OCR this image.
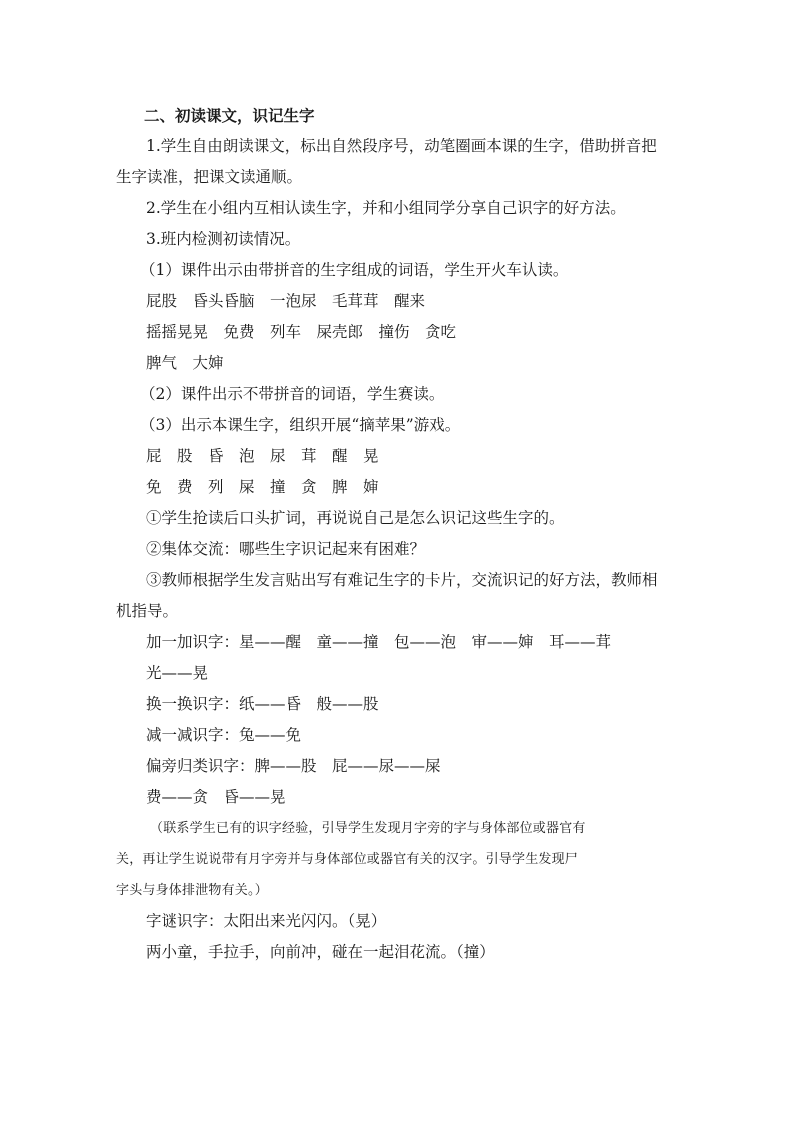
二、初读课文，识记生字

1.学生自由朗读课文，标出自然段序号，动笔圈画本课的生字，借助拼音把

生字读准，把课文读通顺。

2.学生在小组内互相认读生字，并和小组同学分享自己识字的好方法。

3.班内检测初读情况。

（1）课件出示由带拼音的生字组成的词语，学生开火车认读。

屁股　昏头昏脑　一泡尿　毛茸茸　醒来

摇摇晃晃　免费　列车　屎壳郎　撞伤　贪吃

脾气　大婶

（2）课件出示不带拼音的词语，学生赛读。

（3）出示本课生字，组织开展“摘苹果”游戏。

屁 股 昏 泡 尿 茸 醒 晃

免 费 列 屎 撞 贪 脾 婶

①学生抢读后口头扩词，再说说自己是怎么识记这些生字的。

②集体交流：哪些生字识记起来有困难？

③教师根据学生发言贴出写有难记生字的卡片，交流识记的好方法，教师相

机指导。

加一加识字：星——醒　童——撞　包——泡　审——婶　耳——茸

光——晃

换一换识字：纸——昏　般——股

减一减识字：兔——免

偏旁归类识字：脾——股　屁——尿——屎

费——贪　昏——晃

（联系学生已有的识字经验，引导学生发现月字旁的字与身体部位或器官有

关，再让学生说说带有月字旁并与身体部位或器官有关的汉字。引导学生发现尸

字头与身体排泄物有关。）

字谜识字：太阳出来光闪闪。（晃）

两小童，手拉手，向前冲，碰在一起泪花流。（撞）
